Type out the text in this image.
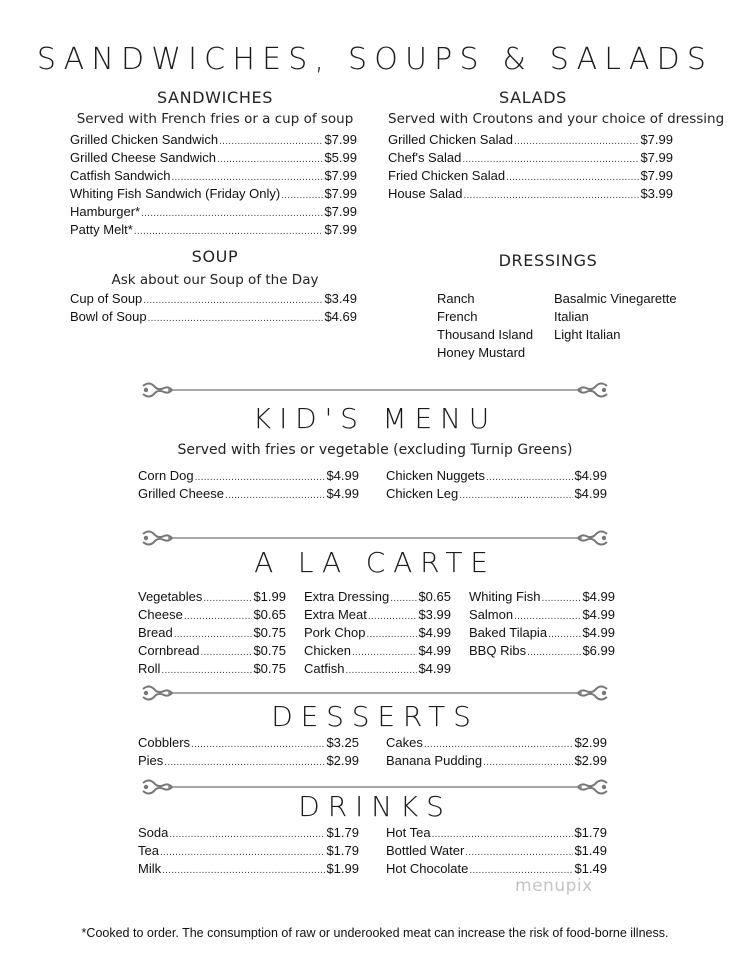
SANDWICHES, SOUPS & SALADS
SANDWICHES
Served with French fries or a cup of soup
Grilled Chicken Sandwich .....	$7.99
Grilled Cheese Sandwich .....	$5.99
Catfish Sandwich .....	$7.99
Whiting Fish Sandwich (Friday Only) .....	$7.99
Hamburger* .....	$7.99
Patty Melt* .....	$7.99
SALADS
Served with Croutons and your choice of dressing
Grilled Chicken Salad .....	$7.99
Chef's Salad .....	$7.99
Fried Chicken Salad .....	$7.99
House Salad .....	$3.99
SOUP
Ask about our Soup of the Day
Cup of Soup .....	$3.49
Bowl of Soup .....	$4.69
DRESSINGS
Ranch
French
Thousand Island
Honey Mustard
Basalmic Vinegarette
Italian
Light Italian
KID'S MENU
Served with fries or vegetable (excluding Turnip Greens)
Corn Dog .....	$4.99
Grilled Cheese .....	$4.99
Chicken Nuggets .....	$4.99
Chicken Leg .....	$4.99
A LA CARTE
Vegetables .....	$1.99
Cheese .....	$0.65
Bread .....	$0.75
Cornbread .....	$0.75
Roll .....	$0.75
Extra Dressing ..... $0.65
Extra Meat .....	$3.99
Pork Chop .....	$4.99
Chicken .....	$4.99
Catfish .....	$4.99
Whiting Fish .....	$4.99
Salmon .....	$4.99
Baked Tilapia .....	$4.99
BBQ Ribs .....	$6.99
DESSERTS
Cobblers .....	$3.25
Pies .....	$2.99
Cakes .....	$2.99
Banana Pudding .....	$2.99
DRINKS
Soda .....	$1.79
Tea .....	$1.79
Milk .....	$1.99
Hot Tea .....	$1.79
Bottled Water .....	$1.49
Hot Chocolate .....	$1.49
menupix
*Cooked to order. The consumption of raw or underooked meat can increase the risk of food-borne illness.
